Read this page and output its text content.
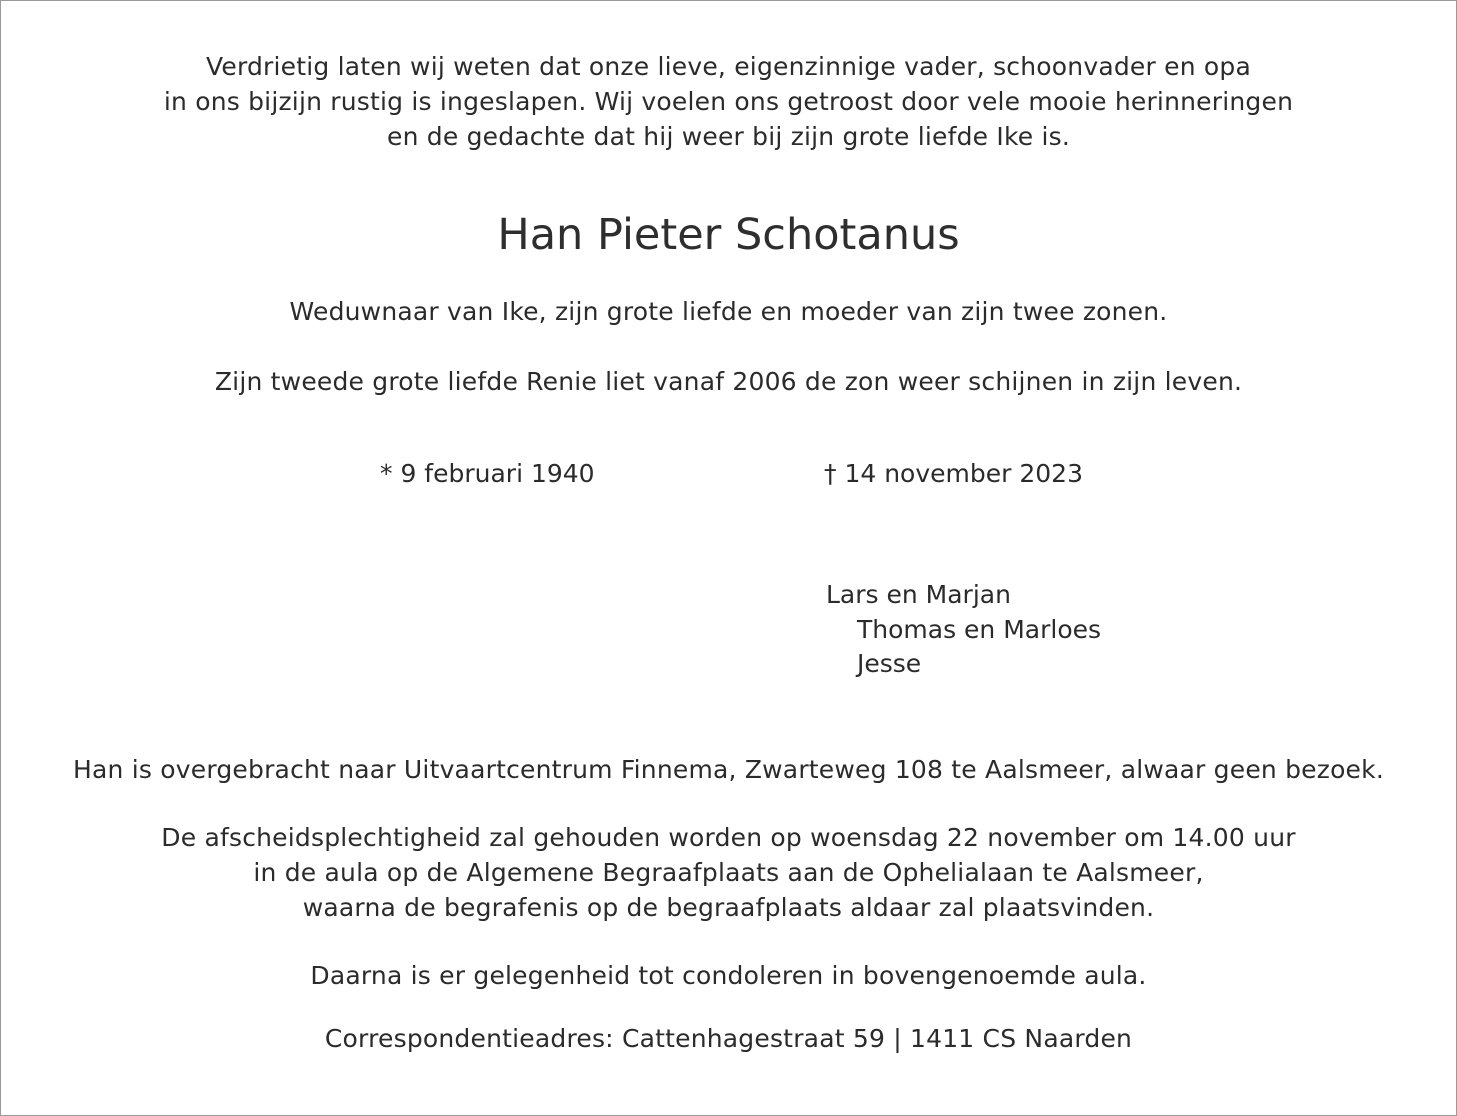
Verdrietig laten wij weten dat onze lieve, eigenzinnige vader, schoonvader en opa
in ons bijzijn rustig is ingeslapen. Wij voelen ons getroost door vele mooie herinneringen
en de gedachte dat hij weer bij zijn grote liefde Ike is.
Han Pieter Schotanus
Weduwnaar van Ike, zijn grote liefde en moeder van zijn twee zonen.
Zijn tweede grote liefde Renie liet vanaf 2006 de zon weer schijnen in zijn leven.
* 9 februari 1940	† 14 november 2023
Lars en Marjan
Thomas en Marloes
Jesse
Han is overgebracht naar Uitvaartcentrum Finnema, Zwarteweg 108 te Aalsmeer, alwaar geen bezoek.
De afscheidsplechtigheid zal gehouden worden op woensdag 22 november om 14.00 uur
in de aula op de Algemene Begraafplaats aan de Ophelialaan te Aalsmeer,
waarna de begrafenis op de begraafplaats aldaar zal plaatsvinden.
Daarna is er gelegenheid tot condoleren in bovengenoemde aula.
Correspondentieadres: Cattenhagestraat 59 | 1411 CS Naarden
